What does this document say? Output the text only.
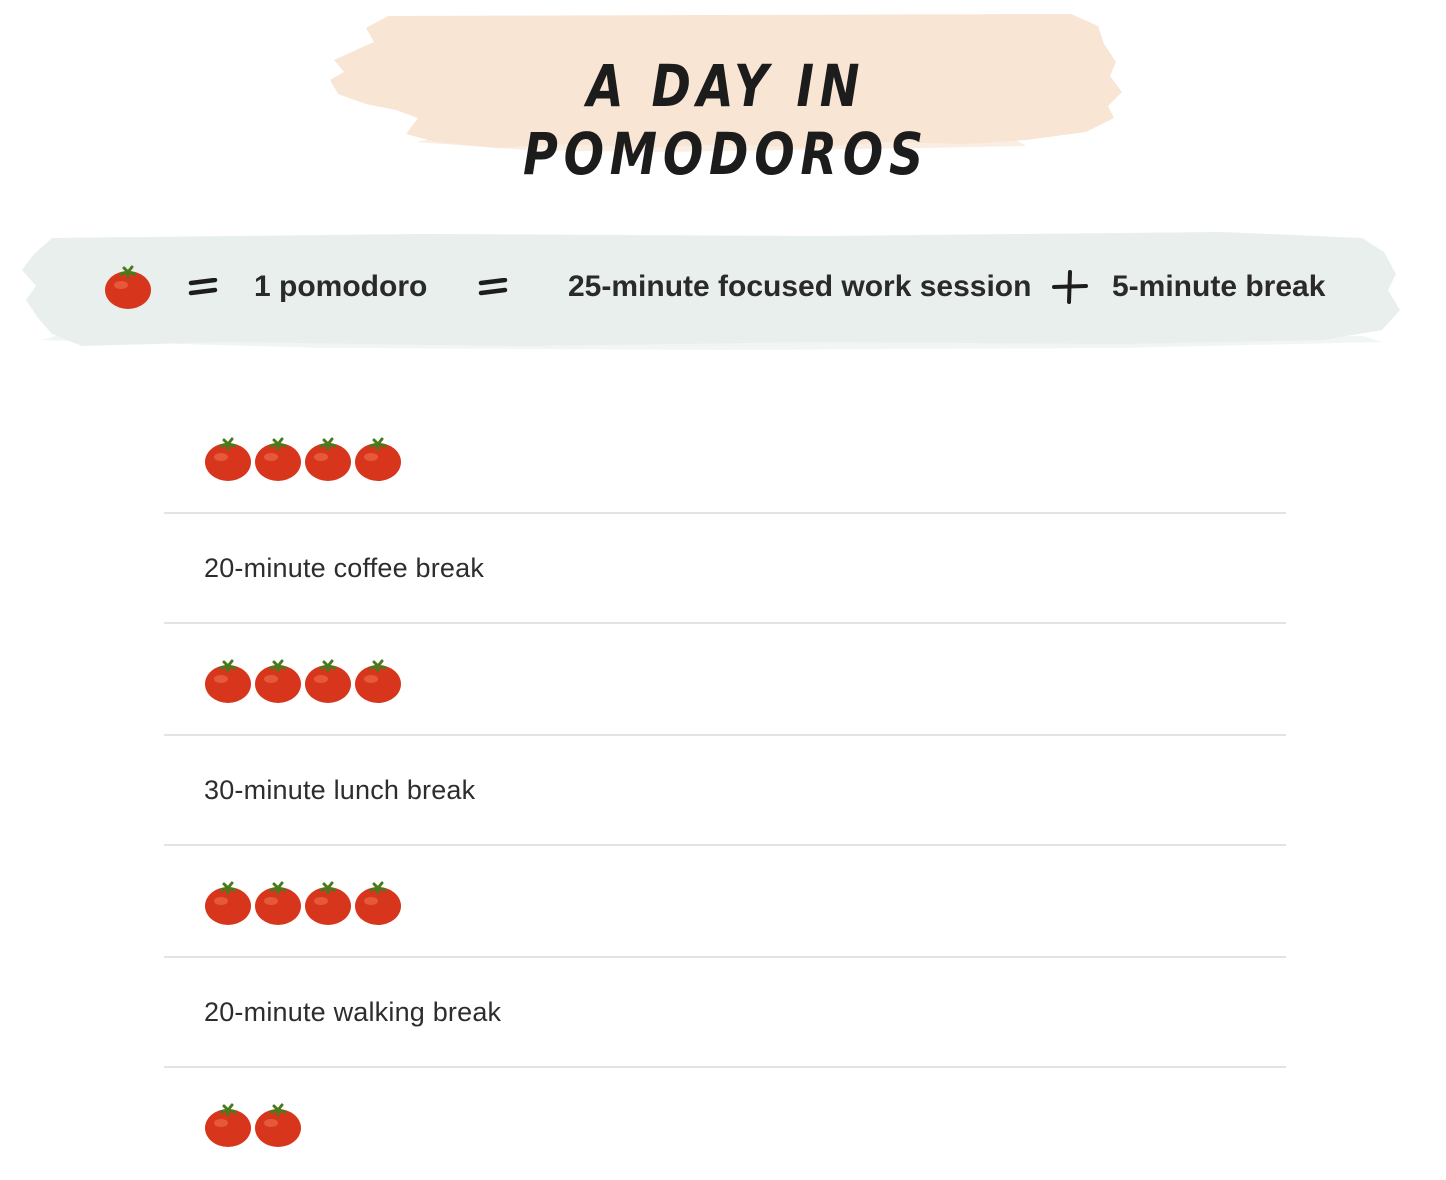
A DAY IN POMODOROS
1 pomodoro	25-minute focused work session	5-minute break
20-minute coffee break
30-minute lunch break
20-minute walking break
